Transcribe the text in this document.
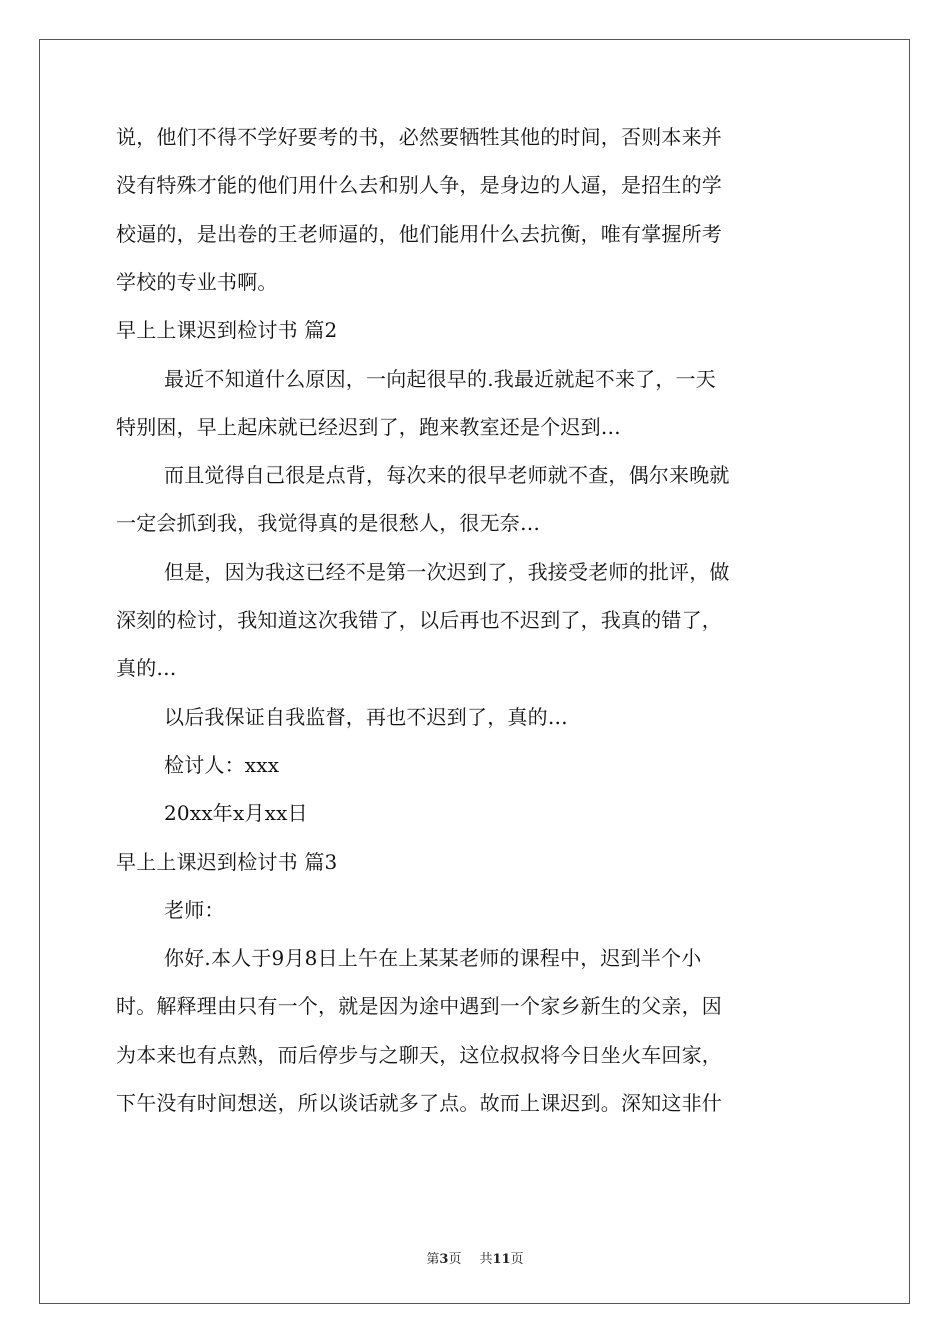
说，他们不得不学好要考的书，必然要牺牲其他的时间，否则本来并
没有特殊才能的他们用什么去和别人争，是身边的人逼，是招生的学
校逼的，是出卷的王老师逼的，他们能用什么去抗衡，唯有掌握所考
学校的专业书啊。
早上上课迟到检讨书 篇2
最近不知道什么原因，一向起很早的.我最近就起不来了，一天
特别困，早上起床就已经迟到了，跑来教室还是个迟到…
而且觉得自己很是点背，每次来的很早老师就不查，偶尔来晚就
一定会抓到我，我觉得真的是很愁人，很无奈…
但是，因为我这已经不是第一次迟到了，我接受老师的批评，做
深刻的检讨，我知道这次我错了，以后再也不迟到了，我真的错了，
真的…
以后我保证自我监督，再也不迟到了，真的…
检讨人：xxx
20xx年x月xx日
早上上课迟到检讨书 篇3
老师：
你好.本人于9月8日上午在上某某老师的课程中，迟到半个小
时。解释理由只有一个，就是因为途中遇到一个家乡新生的父亲，因
为本来也有点熟，而后停步与之聊天，这位叔叔将今日坐火车回家，
下午没有时间想送，所以谈话就多了点。故而上课迟到。深知这非什
第3页 共11页
